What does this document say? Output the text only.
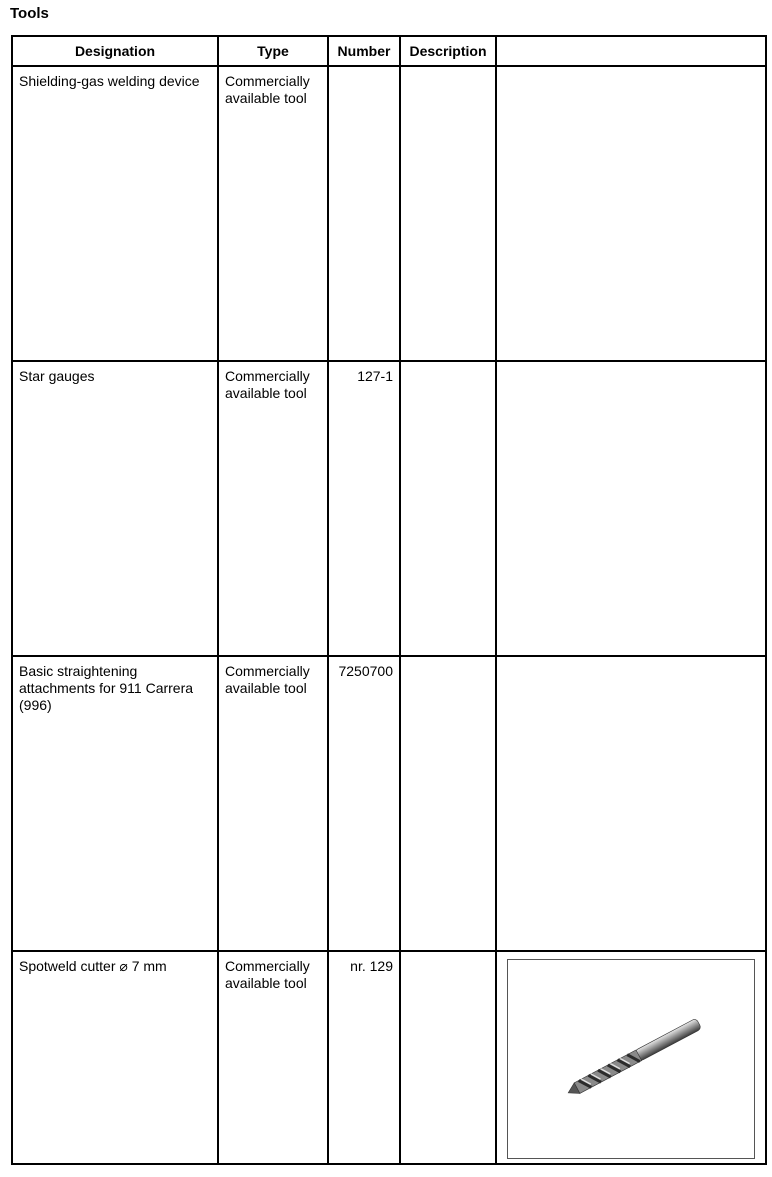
Tools
Designation	Type	Number	Description	

Shielding-gas welding device	Commercially available tool			

Star gauges	Commercially available tool	127-1		

Basic straightening attachments for 911 Carrera (996)	Commercially available tool	7250700		

Spotweld cutter ⌀ 7 mm	Commercially available tool	nr. 129
